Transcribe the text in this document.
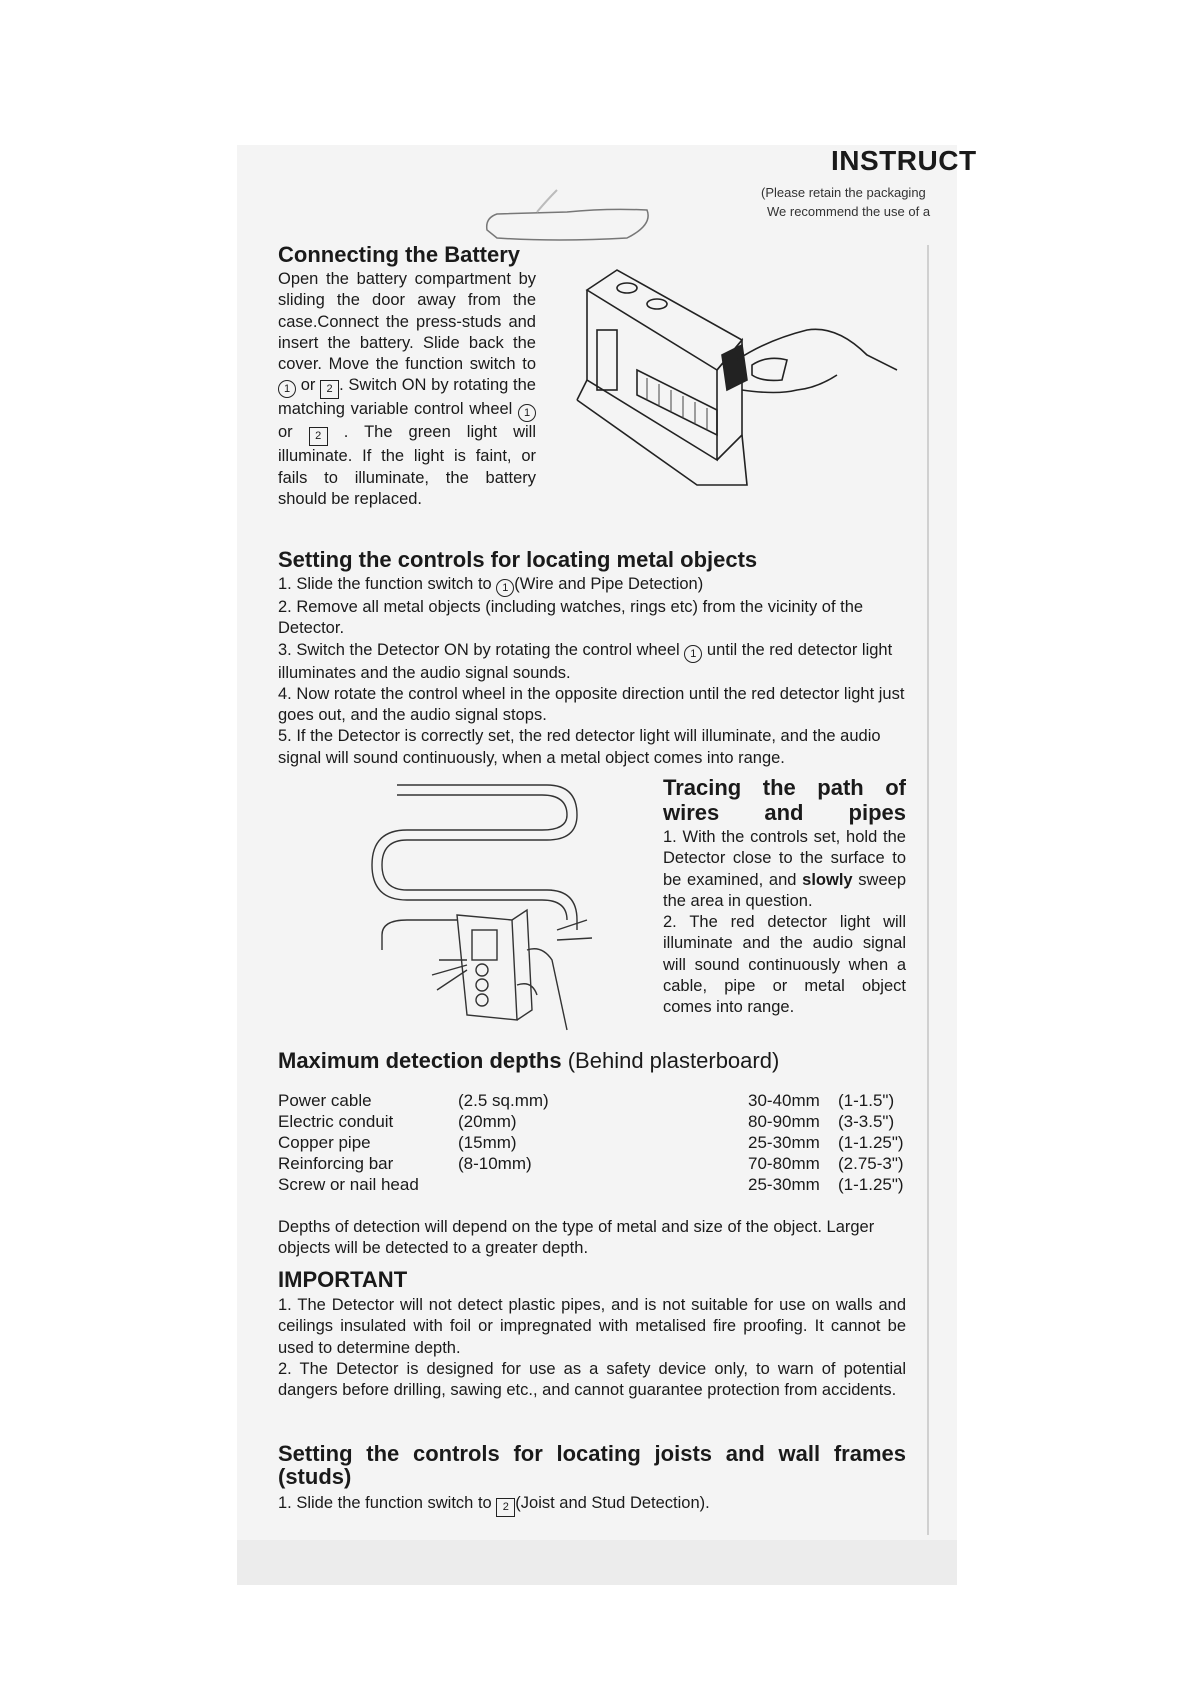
INSTRUCT
(Please retain the packaging
We recommend the use of a
Connecting the Battery
Open the battery compartment by sliding the door away from the case.Connect the press-studs and insert the battery. Slide back the cover. Move the function switch to 1 or 2 . Switch ON by rotating the matching variable control wheel 1 or 2 . The green light will illuminate. If the light is faint, or fails to illuminate, the battery should be replaced.
Setting the controls for locating metal objects

1. Slide the function switch to 1 (Wire and Pipe Detection)

2. Remove all metal objects (including watches, rings etc) from the vicinity of the Detector.

3. Switch the Detector ON by rotating the control wheel 1 until the red detector light illuminates and the audio signal sounds.

4. Now rotate the control wheel in the opposite direction until the red detector light just goes out, and the audio signal stops.

5. If the Detector is correctly set, the red detector light will illuminate, and the audio signal will sound continuously, when a metal object comes into range.

Tracing the path of wires and pipes

1. With the controls set, hold the Detector close to the surface to be examined, and slowly sweep the area in question.

2. The red detector light will illuminate and the audio signal will sound continuously when a cable, pipe or metal object comes into range.

Maximum detection depths (Behind plasterboard)
Power cable	(2.5 sq.mm)	30-40mm	(1-1.5")
Electric conduit	(20mm)	80-90mm	(3-3.5")
Copper pipe	(15mm)	25-30mm	(1-1.25")
Reinforcing bar	(8-10mm)	70-80mm	(2.75-3")
Screw or nail head		25-30mm	(1-1.25")
Depths of detection will depend on the type of metal and size of the object. Larger objects will be detected to a greater depth.
IMPORTANT

1. The Detector will not detect plastic pipes, and is not suitable for use on walls and ceilings insulated with foil or impregnated with metalised fire proofing. It cannot be used to determine depth.

2. The Detector is designed for use as a safety device only, to warn of potential dangers before drilling, sawing etc., and cannot guarantee protection from accidents.

Setting the controls for locating joists and wall frames (studs)
1. Slide the function switch to 2 (Joist and Stud Detection).
